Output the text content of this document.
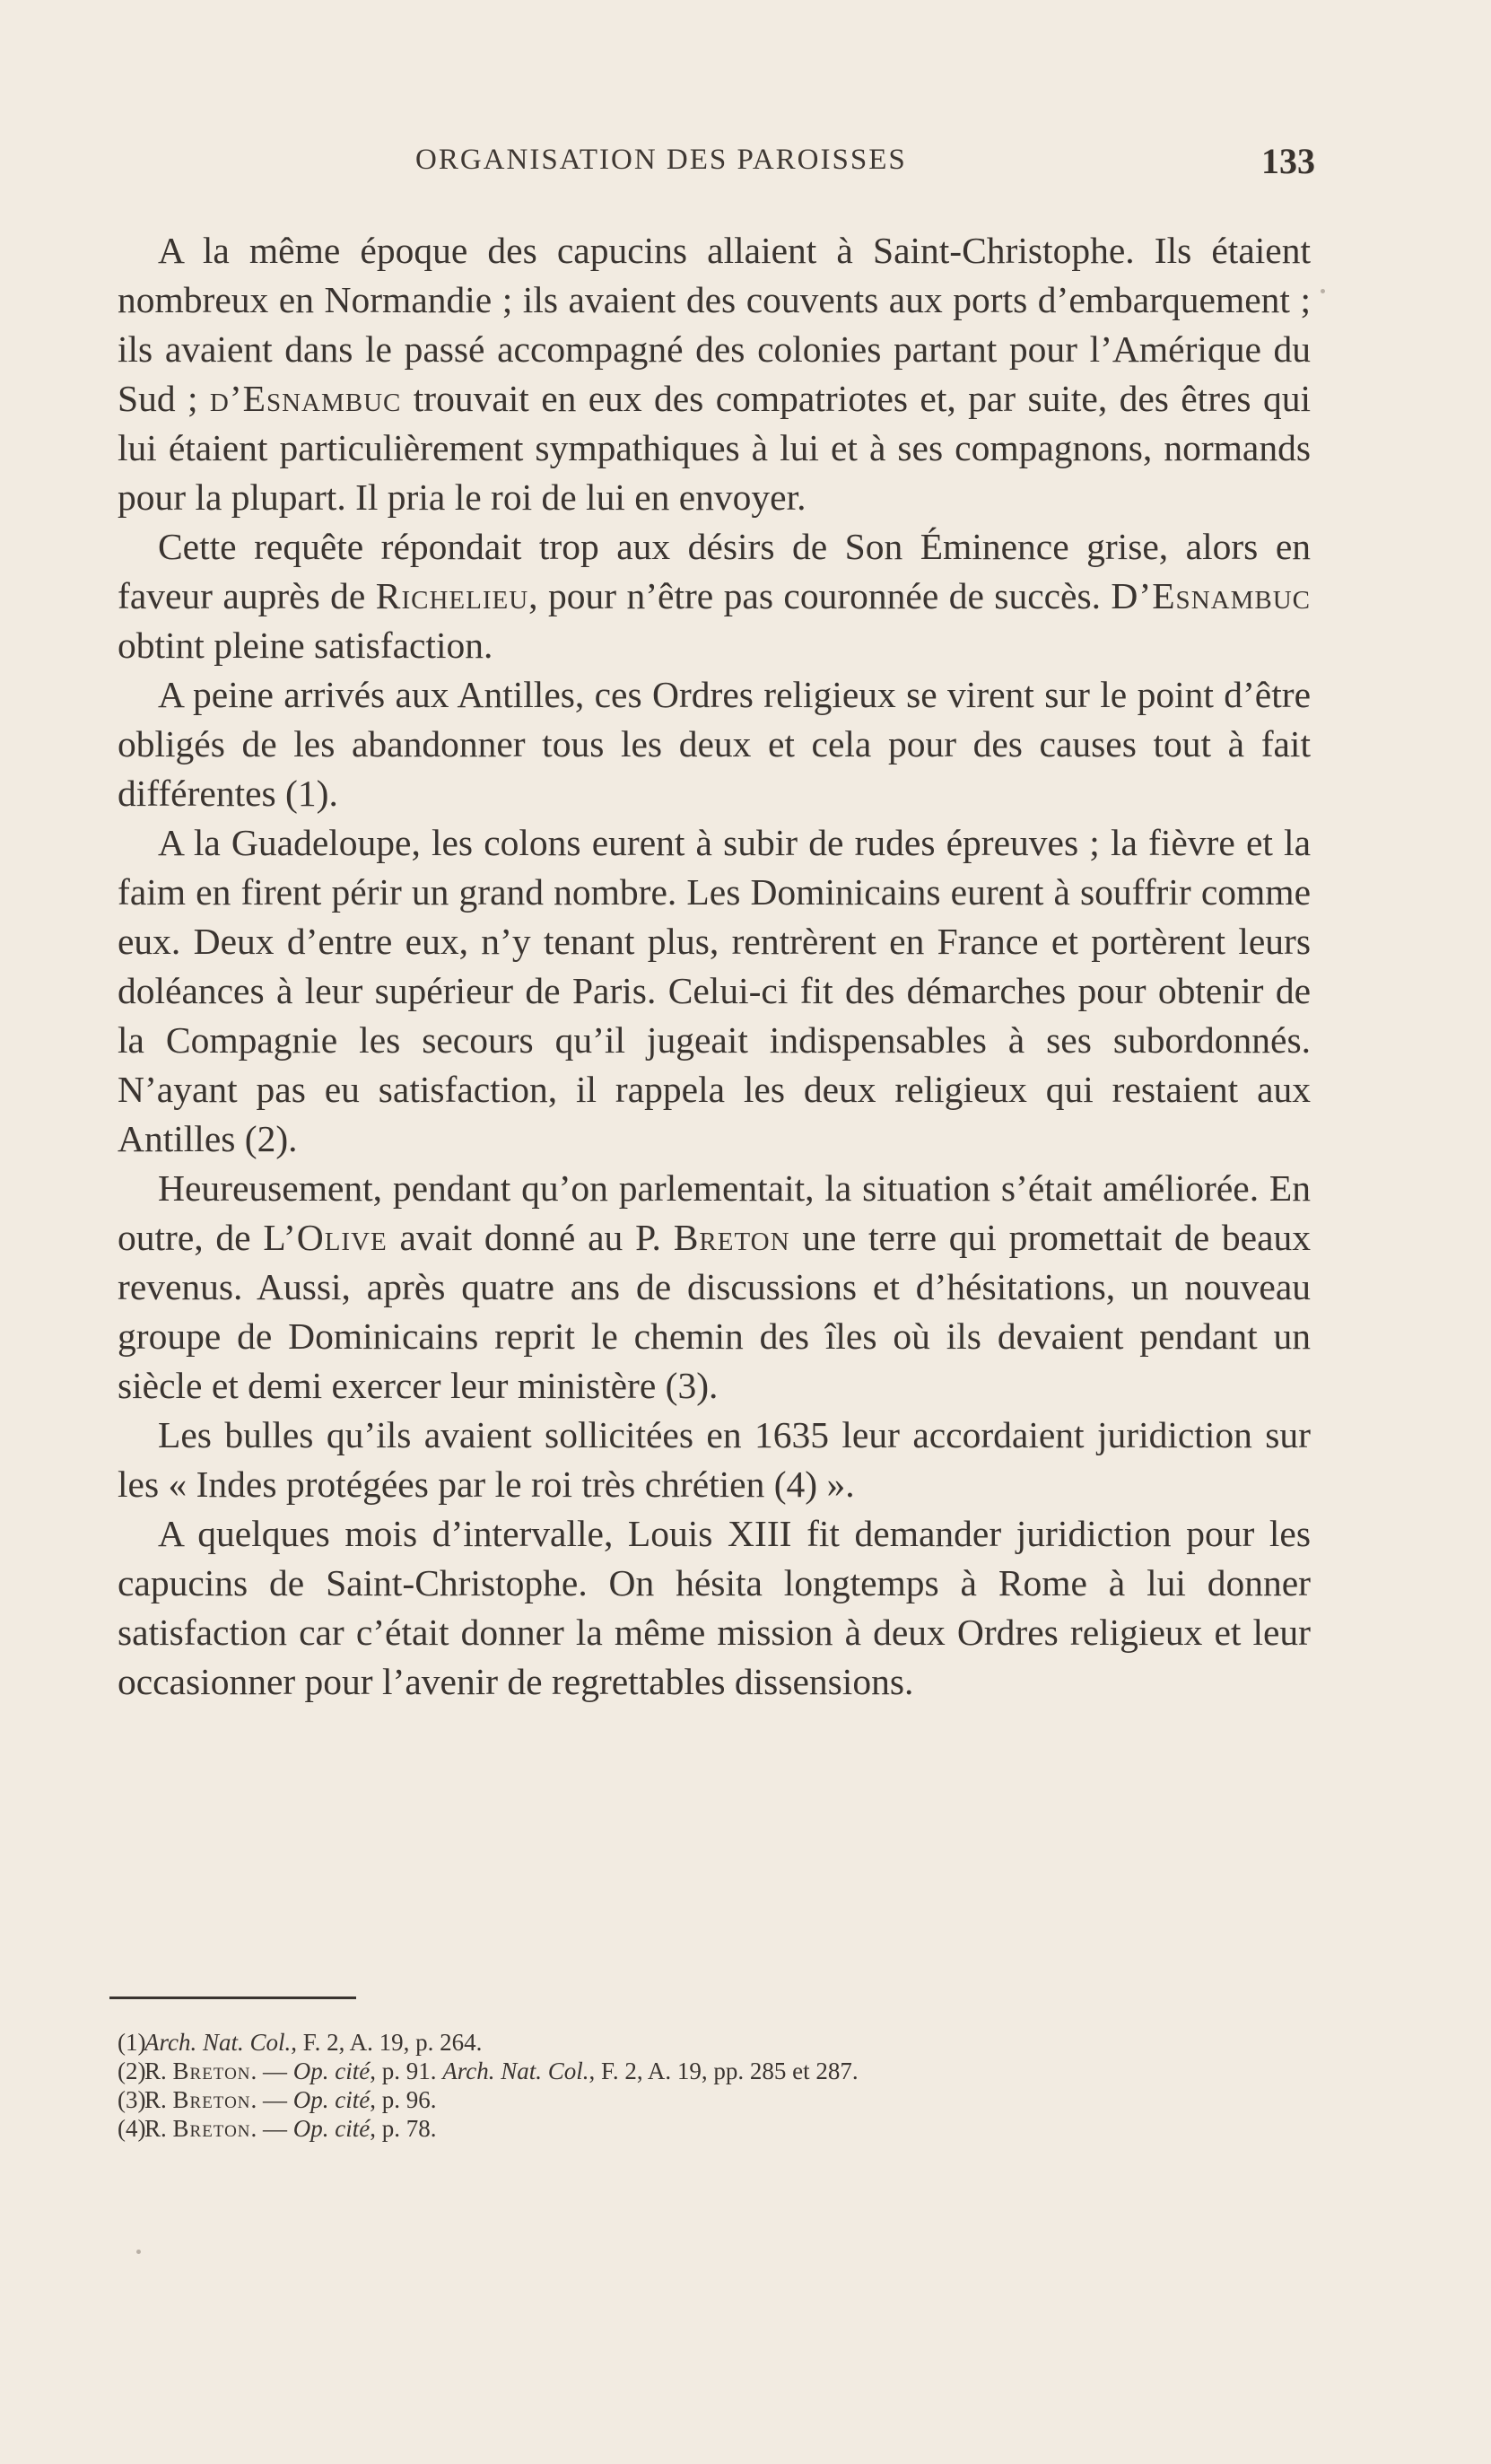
ORGANISATION DES PAROISSES	133

A la même époque des capucins allaient à Saint-Christophe. Ils étaient nombreux en Normandie ; ils avaient des couvents aux ports d’embarquement ; ils avaient dans le passé accompagné des colonies partant pour l’Amérique du Sud ; d’Esnambuc trouvait en eux des compatriotes et, par suite, des êtres qui lui étaient particulièrement sympathiques à lui et à ses compagnons, normands pour la plupart. Il pria le roi de lui en envoyer.

Cette requête répondait trop aux désirs de Son Éminence grise, alors en faveur auprès de Richelieu, pour n’être pas couronnée de succès. D’Esnambuc obtint pleine satisfaction.

A peine arrivés aux Antilles, ces Ordres religieux se virent sur le point d’être obligés de les abandonner tous les deux et cela pour des causes tout à fait différentes (1).

A la Guadeloupe, les colons eurent à subir de rudes épreuves ; la fièvre et la faim en firent périr un grand nombre. Les Dominicains eurent à souffrir comme eux. Deux d’entre eux, n’y tenant plus, rentrèrent en France et portèrent leurs doléances à leur supérieur de Paris. Celui-ci fit des démarches pour obtenir de la Compagnie les secours qu’il jugeait indispensables à ses subordonnés. N’ayant pas eu satisfaction, il rappela les deux religieux qui restaient aux Antilles (2).

Heureusement, pendant qu’on parlementait, la situation s’était améliorée. En outre, de L’Olive avait donné au P. Breton une terre qui promettait de beaux revenus. Aussi, après quatre ans de discussions et d’hésitations, un nouveau groupe de Dominicains reprit le chemin des îles où ils devaient pendant un siècle et demi exercer leur ministère (3).

Les bulles qu’ils avaient sollicitées en 1635 leur accordaient juridiction sur les « Indes protégées par le roi très chrétien (4) ».

A quelques mois d’intervalle, Louis XIII fit demander juridiction pour les capucins de Saint-Christophe. On hésita longtemps à Rome à lui donner satisfaction car c’était donner la même mission à deux Ordres religieux et leur occasionner pour l’avenir de regrettables dissensions.

(1)Arch. Nat. Col., F. 2, A. 19, p. 264.
(2)R. Breton. — Op. cité, p. 91. Arch. Nat. Col., F. 2, A. 19, pp. 285 et 287.
(3)R. Breton. — Op. cité, p. 96.
(4)R. Breton. — Op. cité, p. 78.
